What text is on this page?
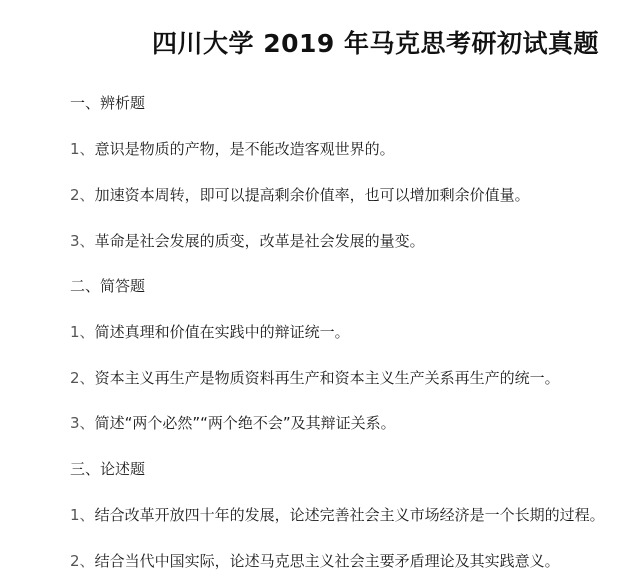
四川大学 2019 年马克思考研初试真题

一、辨析题

1、意识是物质的产物，是不能改造客观世界的。

2、加速资本周转，即可以提高剩余价值率，也可以增加剩余价值量。

3、革命是社会发展的质变，改革是社会发展的量变。

二、简答题

1、简述真理和价值在实践中的辩证统一。

2、资本主义再生产是物质资料再生产和资本主义生产关系再生产的统一。

3、简述“两个必然”“两个绝不会”及其辩证关系。

三、论述题

1、结合改革开放四十年的发展，论述完善社会主义市场经济是一个长期的过程。

2、结合当代中国实际，论述马克思主义社会主要矛盾理论及其实践意义。
